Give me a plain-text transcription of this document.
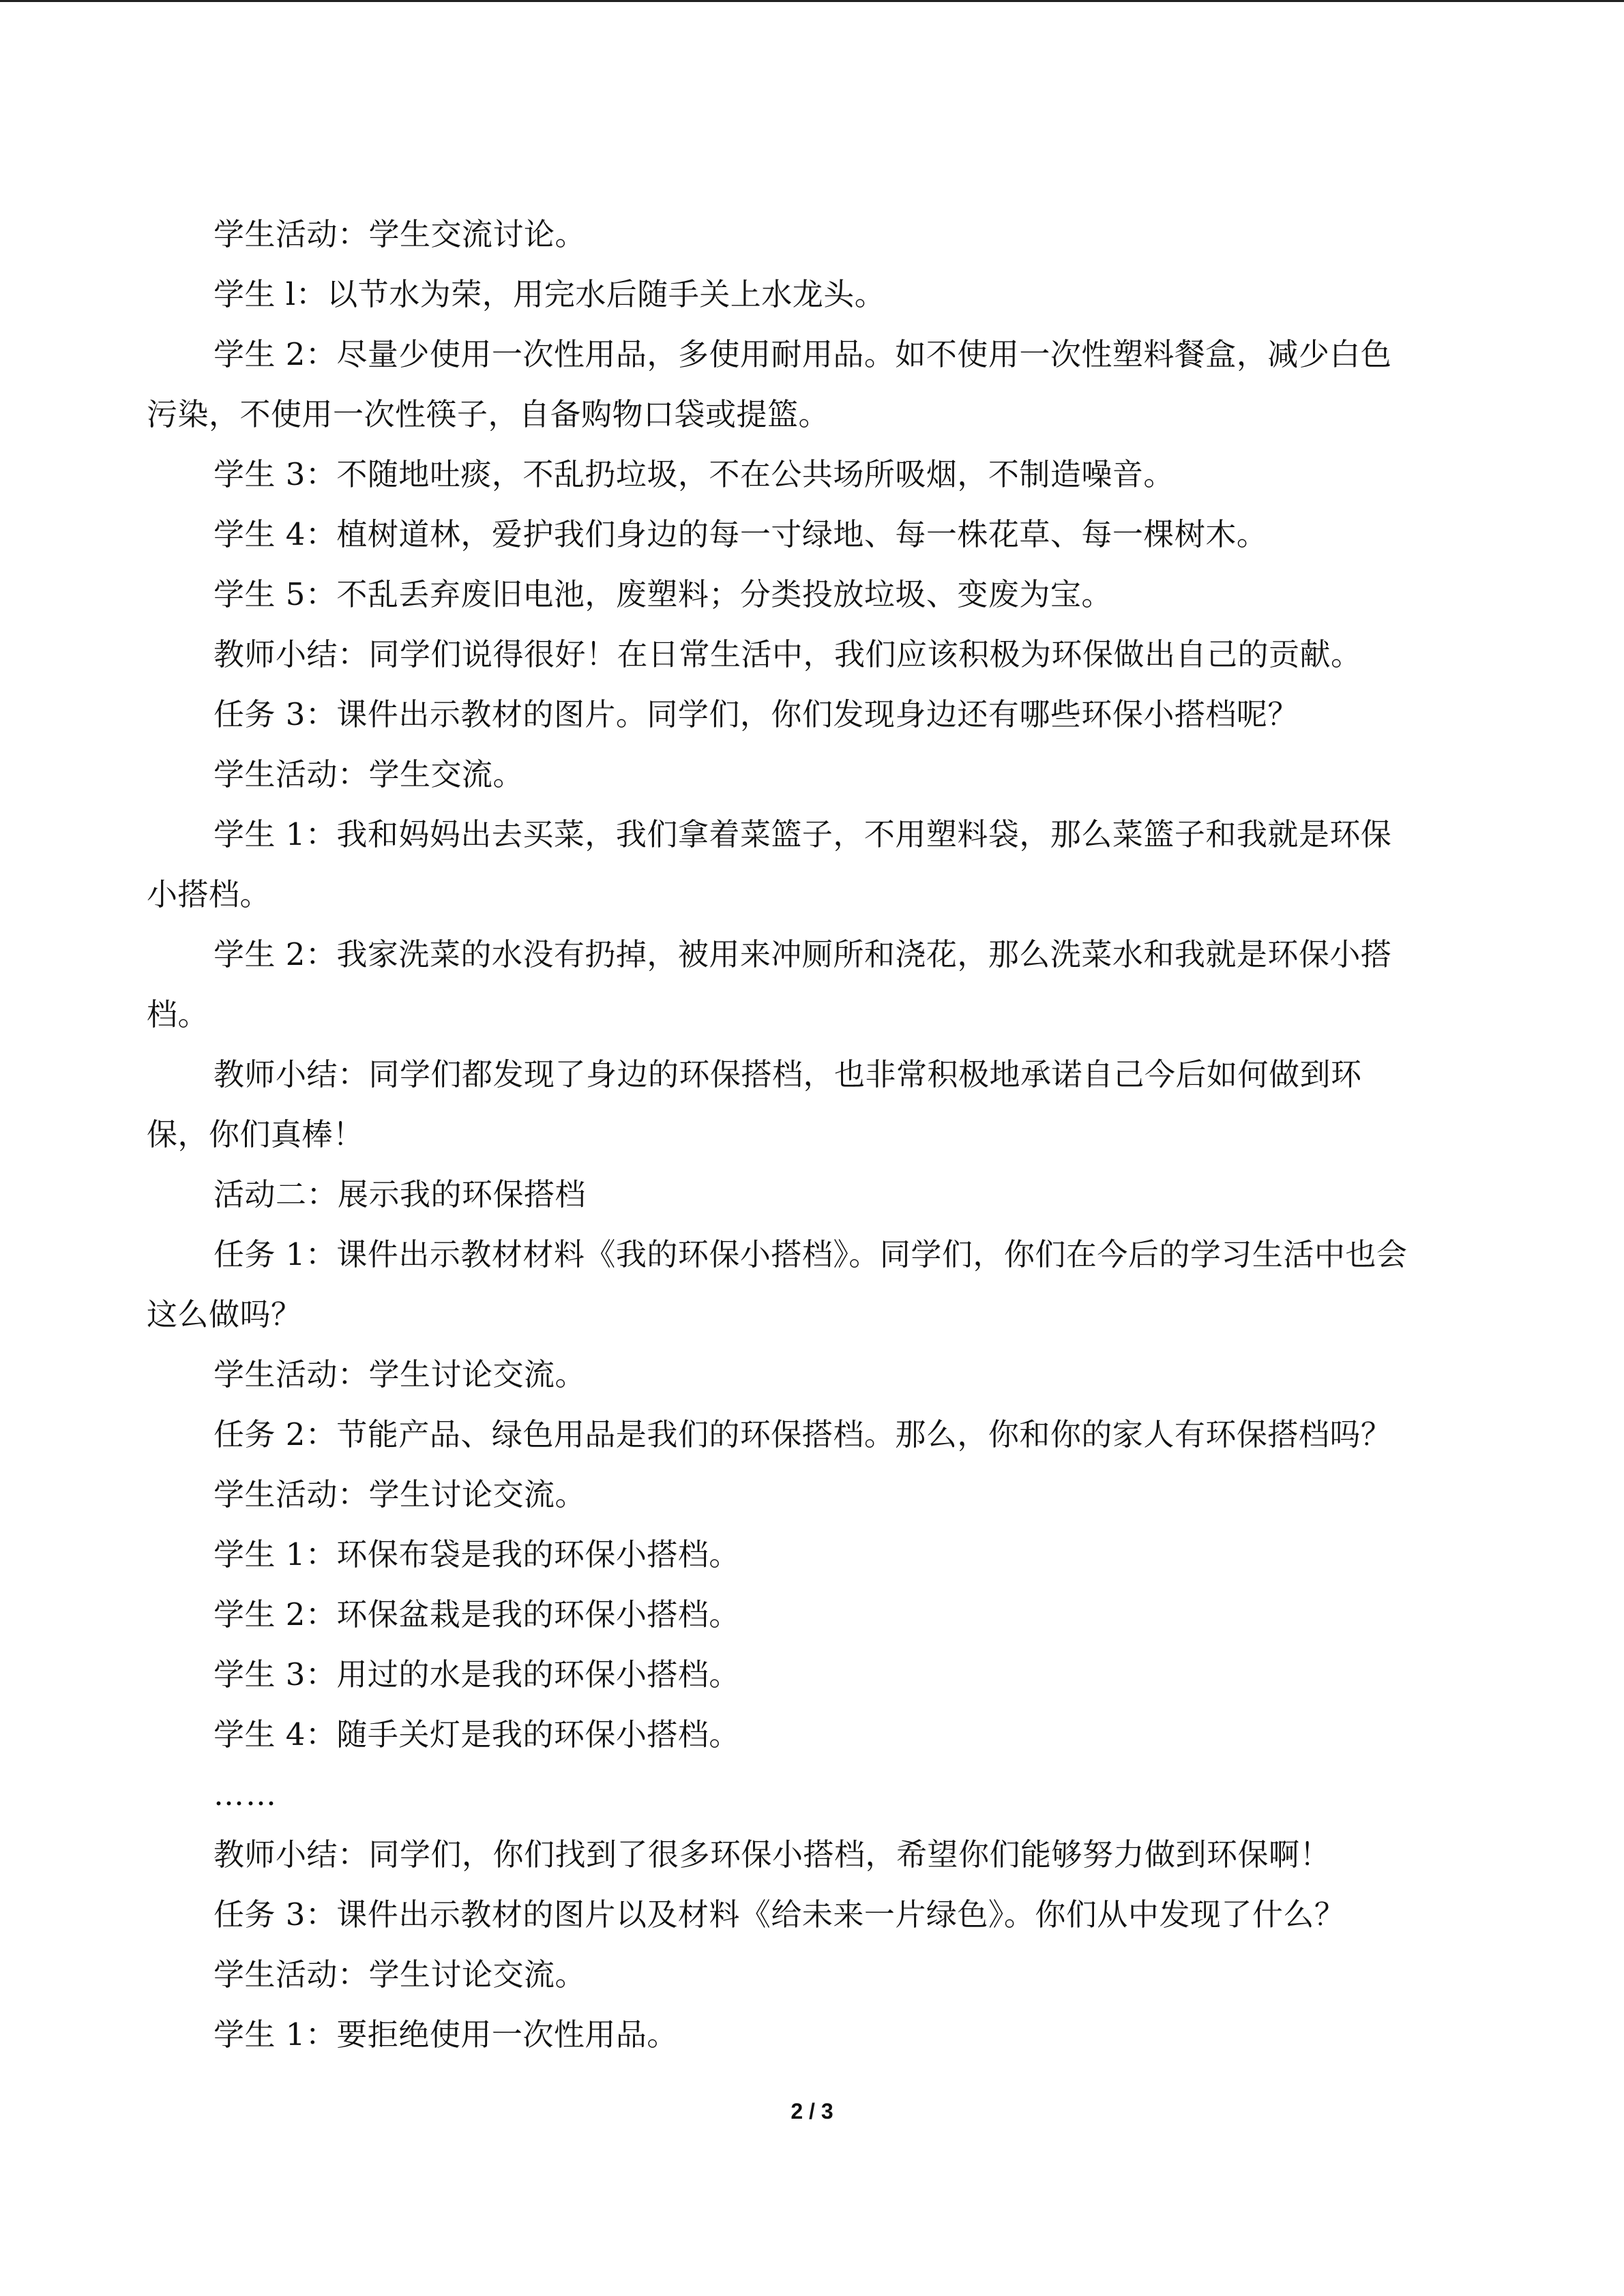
学生活动：学生交流讨论。
学生 l：以节水为荣，用完水后随手关上水龙头。
学生 2：尽量少使用一次性用品，多使用耐用品。如不使用一次性塑料餐盒，减少白色
污染，不使用一次性筷子，自备购物口袋或提篮。
学生 3：不随地吐痰，不乱扔垃圾，不在公共场所吸烟，不制造噪音。
学生 4：植树道林，爱护我们身边的每一寸绿地、每一株花草、每一棵树木。
学生 5：不乱丢弃废旧电池，废塑料；分类投放垃圾、变废为宝。
教师小结：同学们说得很好！在日常生活中，我们应该积极为环保做出自己的贡献。
任务 3：课件出示教材的图片。同学们，你们发现身边还有哪些环保小搭档呢？
学生活动：学生交流。
学生 1：我和妈妈出去买菜，我们拿着菜篮子，不用塑料袋，那么菜篮子和我就是环保
小搭档。
学生 2：我家洗菜的水没有扔掉，被用来冲厕所和浇花，那么洗菜水和我就是环保小搭
档。
教师小结：同学们都发现了身边的环保搭档，也非常积极地承诺自己今后如何做到环
保，你们真棒！
活动二：展示我的环保搭档
任务 1：课件出示教材材料《我的环保小搭档》。同学们，你们在今后的学习生活中也会
这么做吗？
学生活动：学生讨论交流。
任务 2：节能产品、绿色用品是我们的环保搭档。那么，你和你的家人有环保搭档吗？
学生活动：学生讨论交流。
学生 1：环保布袋是我的环保小搭档。
学生 2：环保盆栽是我的环保小搭档。
学生 3：用过的水是我的环保小搭档。
学生 4：随手关灯是我的环保小搭档。
……
教师小结：同学们，你们找到了很多环保小搭档，希望你们能够努力做到环保啊！
任务 3：课件出示教材的图片以及材料《给未来一片绿色》。你们从中发现了什么？
学生活动：学生讨论交流。
学生 1：要拒绝使用一次性用品。
2 / 3
